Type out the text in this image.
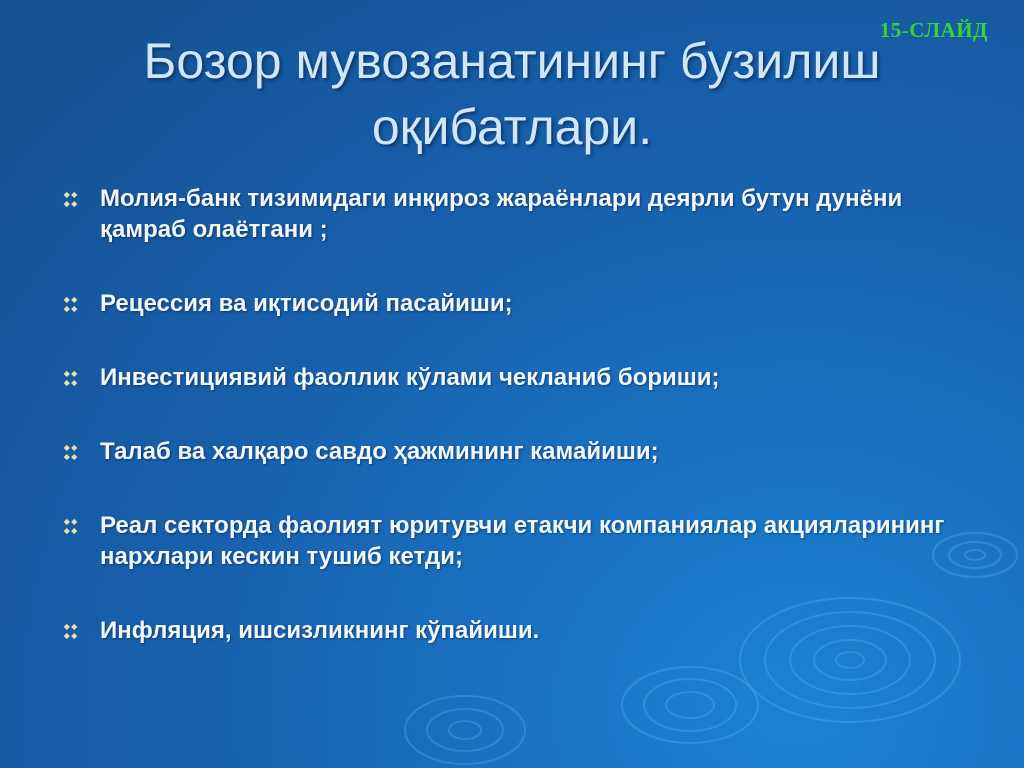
15-СЛАЙД
Бозор мувозанатининг бузилиш оқибатлари.
Молия-банк тизимидаги инқироз жараёнлари деярли бутун дунёни қамраб олаётгани ;
Рецессия ва иқтисодий пасайиши;
Инвестициявий фаоллик кўлами чекланиб бориши;
Талаб ва халқаро савдо ҳажмининг камайиши;
Реал секторда фаолият юритувчи етакчи компаниялар акцияларининг нархлари кескин тушиб кетди;
Инфляция, ишсизликнинг кўпайиши.
